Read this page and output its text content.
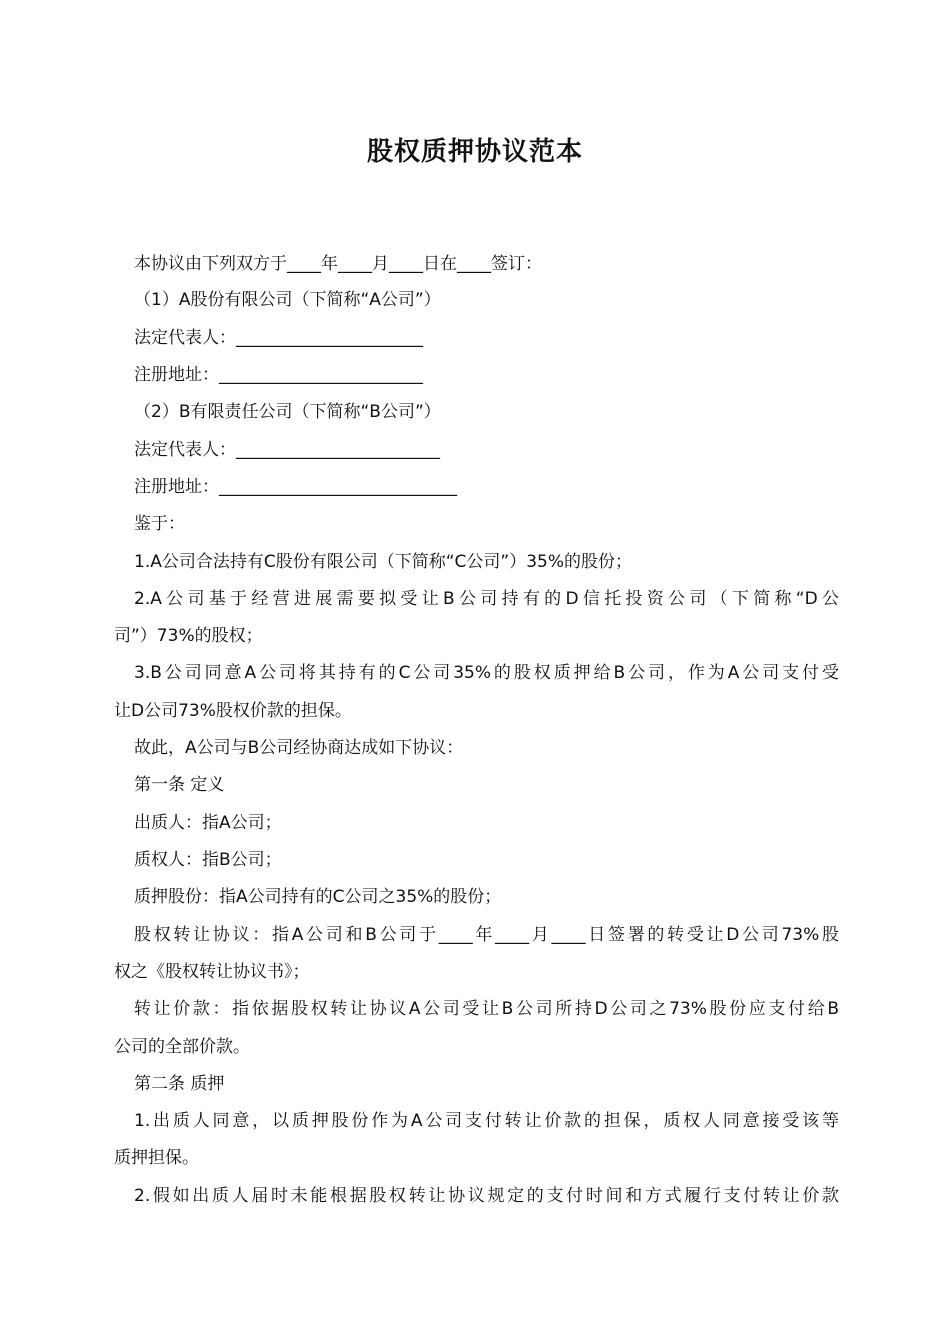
股权质押协议范本
本协议由下列双方于____年____月____日在____签订：
（1）A股份有限公司（下简称“A公司”）
法定代表人：______________________
注册地址：________________________
（2）B有限责任公司（下简称“B公司”）
法定代表人：________________________
注册地址：____________________________
鉴于：
1.A公司合法持有C股份有限公司（下简称“C公司”）35%的股份；
2.A公司基于经营进展需要拟受让B公司持有的D信托投资公司（下简称“D公
司”）73%的股权；
3.B公司同意A公司将其持有的C公司35%的股权质押给B公司，作为A公司支付受
让D公司73%股权价款的担保。
故此，A公司与B公司经协商达成如下协议：
第一条 定义
出质人：指A公司；
质权人：指B公司；
质押股份：指A公司持有的C公司之35%的股份；
股权转让协议：指A公司和B公司于____年____月____日签署的转受让D公司73%股
权之《股权转让协议书》；
转让价款：指依据股权转让协议A公司受让B公司所持D公司之73%股份应支付给B
公司的全部价款。
第二条 质押
1.出质人同意，以质押股份作为A公司支付转让价款的担保，质权人同意接受该等
质押担保。
2.假如出质人届时未能根据股权转让协议规定的支付时间和方式履行支付转让价款
